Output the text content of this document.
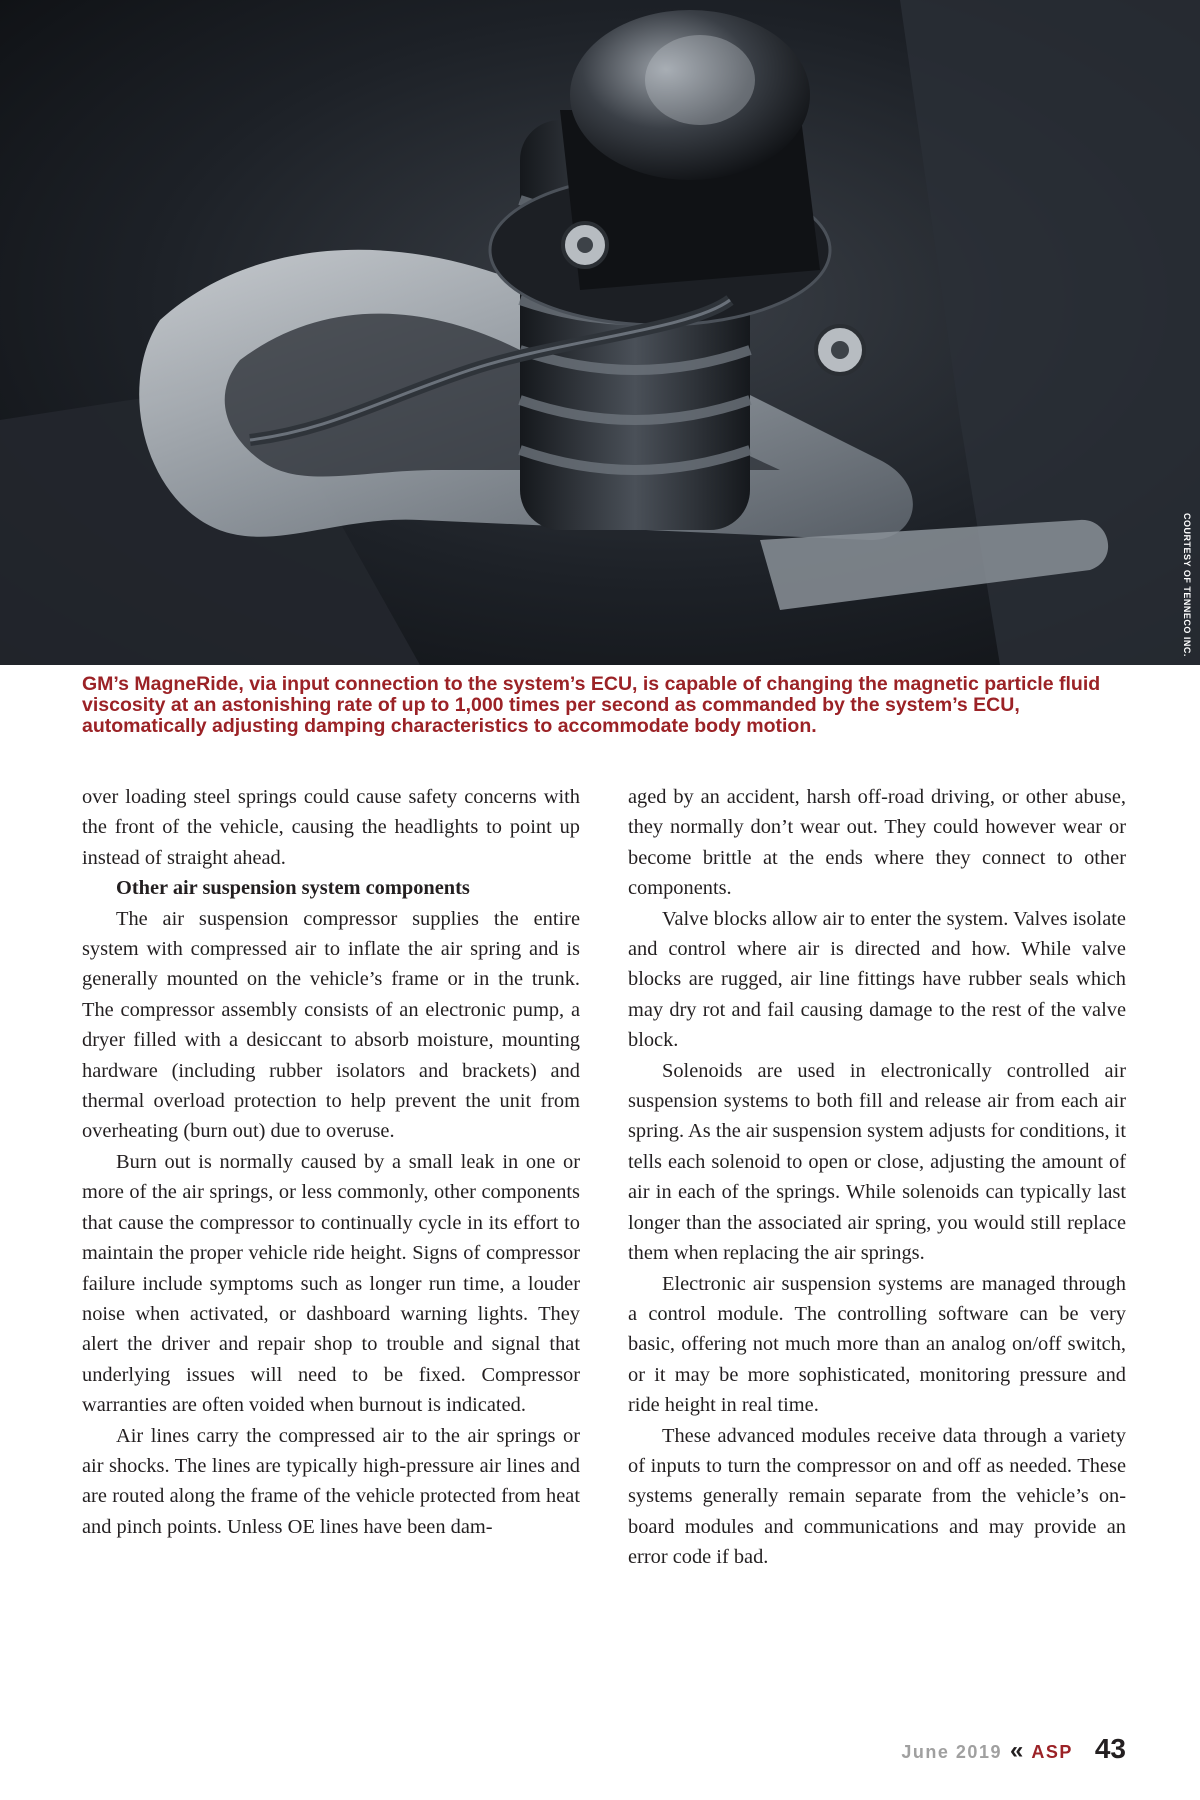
COURTESY OF TENNECO INC.

GM’s MagneRide, via input connection to the system’s ECU, is capable of changing the magnetic particle fluid viscosity at an astonishing rate of up to 1,000 times per second as commanded by the system’s ECU, automatically adjusting damping characteristics to accommodate body motion.

over loading steel springs could cause safety concerns with the front of the vehicle, causing the headlights to point up instead of straight ahead.

Other air suspension system components

The air suspension compressor supplies the entire system with compressed air to inflate the air spring and is generally mounted on the vehicle’s frame or in the trunk. The compressor assembly consists of an electronic pump, a dryer filled with a desiccant to absorb moisture, mounting hardware (including rubber isolators and brackets) and thermal overload protection to help prevent the unit from overheating (burn out) due to overuse.

Burn out is normally caused by a small leak in one or more of the air springs, or less commonly, other components that cause the compressor to continually cycle in its effort to maintain the proper vehicle ride height. Signs of compressor failure include symptoms such as longer run time, a louder noise when activated, or dashboard warning lights. They alert the driver and repair shop to trouble and signal that underlying issues will need to be fixed. Compressor warranties are often voided when burnout is indicated.

Air lines carry the compressed air to the air springs or air shocks. The lines are typically high-pressure air lines and are routed along the frame of the vehicle protected from heat and pinch points. Unless OE lines have been dam-

aged by an accident, harsh off-road driving, or other abuse, they normally don’t wear out. They could however wear or become brittle at the ends where they connect to other components.

Valve blocks allow air to enter the system. Valves isolate and control where air is directed and how. While valve blocks are rugged, air line fittings have rubber seals which may dry rot and fail causing damage to the rest of the valve block.

Solenoids are used in electronically controlled air suspension systems to both fill and release air from each air spring. As the air suspension system adjusts for conditions, it tells each solenoid to open or close, adjusting the amount of air in each of the springs. While solenoids can typically last longer than the associated air spring, you would still replace them when replacing the air springs.

Electronic air suspension systems are managed through a control module. The controlling software can be very basic, offering not much more than an analog on/off switch, or it may be more sophisticated, monitoring pressure and ride height in real time.

These advanced modules receive data through a variety of inputs to turn the compressor on and off as needed. These systems generally remain separate from the vehicle’s on-board modules and communications and may provide an error code if bad.

June 2019 « ASP 43
